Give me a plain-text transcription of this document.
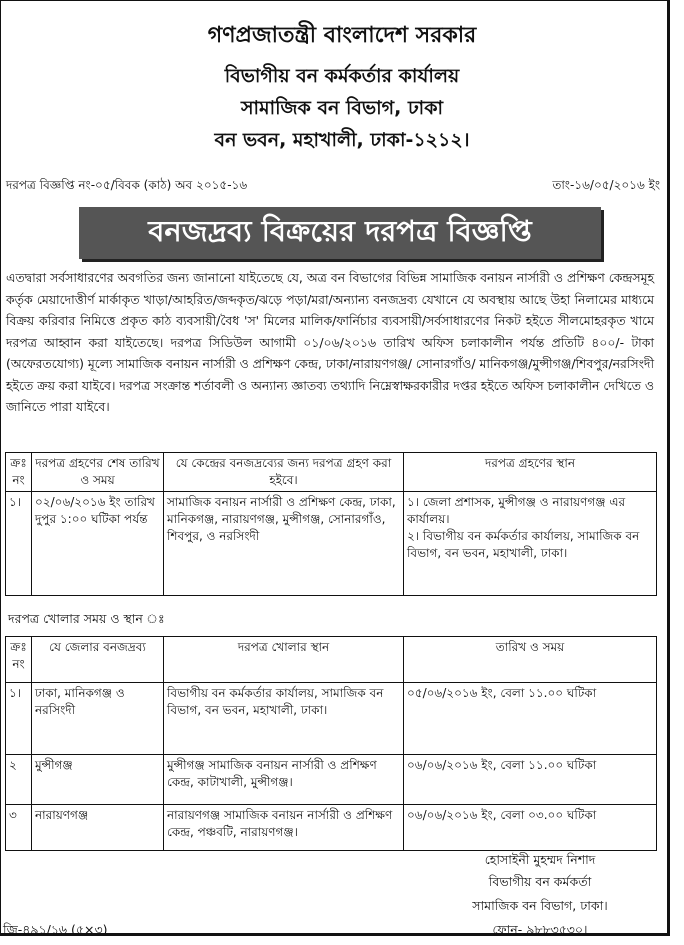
গণপ্রজাতন্ত্রী বাংলাদেশ সরকার
বিভাগীয় বন কর্মকর্তার কার্যালয়
সামাজিক বন বিভাগ, ঢাকা
বন ভবন, মহাখালী, ঢাকা-১২১২।
দরপত্র বিজ্ঞপ্তি নং-০৫/বিবক (কাঠ) অব ২০১৫-১৬	তাং-১৬/০৫/২০১৬ ইং
বনজদ্রব্য বিক্রয়ের দরপত্র বিজ্ঞপ্তি
এতদ্বারা সর্বসাধারণের অবগতির জন্য জানানো যাইতেছে যে, অত্র বন বিভাগের বিভিন্ন সামাজিক বনায়ন নার্সারী ও প্রশিক্ষণ কেন্দ্রসমূহ কর্তৃক মেয়াদোত্তীর্ণ মার্কাকৃত খাড়া/আহরিত/জব্দকৃত/ঝড়ে পড়া/মরা/অন্যান্য বনজদ্রব্য যেখানে যে অবস্থায় আছে উহা নিলামের মাধ্যমে বিক্রয় করিবার নিমিত্তে প্রকৃত কাঠ ব্যবসায়ী/বৈধ 'স' মিলের মালিক/ফার্নিচার ব্যবসায়ী/সর্বসাধারণের নিকট হইতে সীলমোহরকৃত খামে দরপত্র আহ্বান করা যাইতেছে। দরপত্র সিডিউল আগামী ০১/০৬/২০১৬ তারিখ অফিস চলাকালীন পর্যন্ত প্রতিটি ৪০০/- টাকা (অফেরতযোগ্য) মূল্যে সামাজিক বনায়ন নার্সারী ও প্রশিক্ষণ কেন্দ্র, ঢাকা/নারায়ণগঞ্জ/ সোনারগাঁও/ মানিকগঞ্জ/মুন্সীগঞ্জ/শিবপুর/নরসিংদী হইতে ক্রয় করা যাইবে। দরপত্র সংক্রান্ত শর্তাবলী ও অন্যান্য জ্ঞাতব্য তথ্যাদি নিম্নেস্বাক্ষরকারীর দপ্তর হইতে অফিস চলাকালীন দেখিতে ও জানিতে পারা যাইবে।
ক্রঃ নং	দরপত্র গ্রহণের শেষ তারিখ ও সময়	যে কেন্দ্রের বনজদ্রব্যের জন্য দরপত্র গ্রহণ করা হইবে।	দরপত্র গ্রহণের স্থান
১।	০২/০৬/২০১৬ ইং তারিখ দুপুর ১:০০ ঘটিকা পর্যন্ত	সামাজিক বনায়ন নার্সারী ও প্রশিক্ষণ কেন্দ্র, ঢাকা, মানিকগঞ্জ, নারায়ণগঞ্জ, মুন্সীগঞ্জ, সোনারগাঁও, শিবপুর, ও নরসিংদী	১। জেলা প্রশাসক, মুন্সীগঞ্জ ও নারায়ণগঞ্জ এর কার্যালয়।
২। বিভাগীয় বন কর্মকর্তার কার্যালয়, সামাজিক বন বিভাগ, বন ভবন, মহাখালী, ঢাকা।
দরপত্র খোলার সময় ও স্থান ঃ
ক্রঃ নং	যে জেলার বনজদ্রব্য	দরপত্র খোলার স্থান	তারিখ ও সময়
১।	ঢাকা, মানিকগঞ্জ ও নরসিংদী	বিভাগীয় বন কর্মকর্তার কার্যালয়, সামাজিক বন বিভাগ, বন ভবন, মহাখালী, ঢাকা।	০৫/০৬/২০১৬ ইং, বেলা ১১.০০ ঘটিকা
২	মুন্সীগঞ্জ	মুন্সীগঞ্জ সামাজিক বনায়ন নার্সারী ও প্রশিক্ষণ কেন্দ্র, কাটাখালী, মুন্সীগঞ্জ।	০৬/০৬/২০১৬ ইং, বেলা ১১.০০ ঘটিকা
৩	নারায়ণগঞ্জ	নারায়ণগঞ্জ সামাজিক বনায়ন নার্সারী ও প্রশিক্ষণ কেন্দ্র, পঞ্চবটি, নারায়ণগঞ্জ।	০৬/০৬/২০১৬ ইং, বেলা ০৩.০০ ঘটিকা
হোসাইনী মুহম্মদ নিশাদ
বিভাগীয় বন কর্মকর্তা
সামাজিক বন বিভাগ, ঢাকা।
ফোন- ৯৮৮৩৫৩০।
জি-৪৯১/১৬ (৫×৩)
